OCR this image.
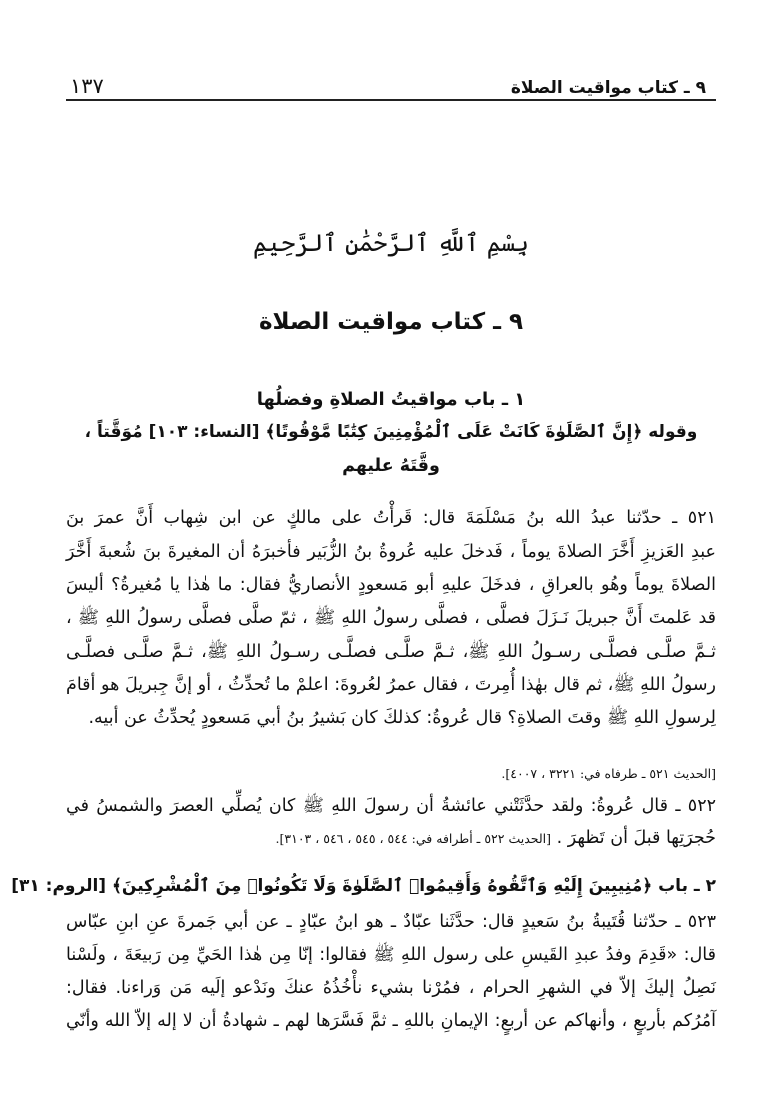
٩ ـ كتاب مواقيت الصلاة
١٣٧
بِسْمِ ٱللَّهِ ٱلرَّحْمَٰنِ ٱلرَّحِيمِ
٩ ـ كتاب مواقيت الصلاة
١ ـ باب مواقيتُ الصلاةِ وفضلُها
وقوله ﴿إِنَّ ٱلصَّلَوٰةَ كَانَتْ عَلَى ٱلْمُؤْمِنِينَ كِتَٰبًا مَّوْقُوتًا﴾ [النساء: ١٠٣] مُوَقَّتاً ،
وقَّتَهُ عليهم
٥٢١ ـ حدّثنا عبدُ الله بنُ مَسْلَمَةَ قال: قَرأْتُ على مالكٍ عن ابن شِهاب أَنَّ عمرَ بنَ
عبدِ العَزيزِ أَخَّرَ الصلاةَ يوماً ، فَدخلَ عليه عُروةُ بنُ الزُّبَير فأخبرَهُ أن المغيرةَ بنَ شُعبةَ أَخَّرَ
الصلاةَ يوماً وهُو بالعراقِ ، فدخَلَ عليهِ أبو مَسعودٍ الأنصاريُّ فقال: ما هٰذا يا مُغيرةُ؟ أليسَ
قد عَلمتَ أَنَّ جبريلَ نَـزَلَ فصلَّى ، فصلَّى رسولُ اللهِ ﷺ ، ثمّ صلَّى فصلَّى رسولُ اللهِ ﷺ ،
ثـمَّ صلَّـى فصلَّـى رسـولُ اللهِ ﷺ، ثـمَّ صلَّـى فصلَّـى رسـولُ اللهِ ﷺ، ثـمَّ صلَّـى فصلَّـى
رسولُ اللهِ ﷺ، ثم قال بهٰذا أُمِرتَ ، فقال عمرُ لعُروةَ: اعلمْ ما تُحدِّثُ ، أو إنَّ جِبريلَ هو أقامَ
لِرسولِ اللهِ ﷺ وقتَ الصلاةِ؟ قال عُروةُ: كذلكَ كان بَشيرُ بنُ أبي مَسعودٍ يُحدِّثُ عن أبيه.
[الحديث ٥٢١ ـ طرفاه في: ٣٢٢١ ، ٤٠٠٧].
٥٢٢ ـ قال عُروةُ: ولقد حدَّثَتْني عائشةُ أن رسولَ اللهِ ﷺ كان يُصلِّي العصرَ والشمسُ في
حُجرَتِها قبلَ أن تَظهرَ . [الحديث ٥٢٢ ـ أطرافه في: ٥٤٤ ، ٥٤٥ ، ٥٤٦ ، ٣١٠٣].
٢ ـ باب ﴿مُنِيبِينَ إِلَيْهِ وَٱتَّقُوهُ وَأَقِيمُوا۟ ٱلصَّلَوٰةَ وَلَا تَكُونُوا۟ مِنَ ٱلْمُشْرِكِينَ﴾ [الروم: ٣١]
٥٢٣ ـ حدّثنا قُتَيبةُ بنُ سَعيدٍ قال: حدَّثَنا عبّادٌ ـ هو ابنُ عبّادٍ ـ عن أبي جَمرةَ عنِ ابنِ عبّاس
قال: «قَدِمَ وفدُ عبدِ القَيسِ على رسول اللهِ ﷺ فقالوا: إنّا مِن هٰذا الحَيِّ مِن رَبيعَةَ ، ولَسْنا
نَصِلُ إليكَ إلاّ في الشهرِ الحرام ، فمُرْنا بشيء نأْخُذُهُ عنكَ ونَدْعو إلَيه مَن وَراءنا. فقال:
آمُرُكم بأربعٍ ، وأنهاكم عن أربعٍ: الإيمانِ باللهِ ـ ثمَّ فَسَّرَها لهم ـ شهادةُ أن لا إله إلاّ الله وأنّي
